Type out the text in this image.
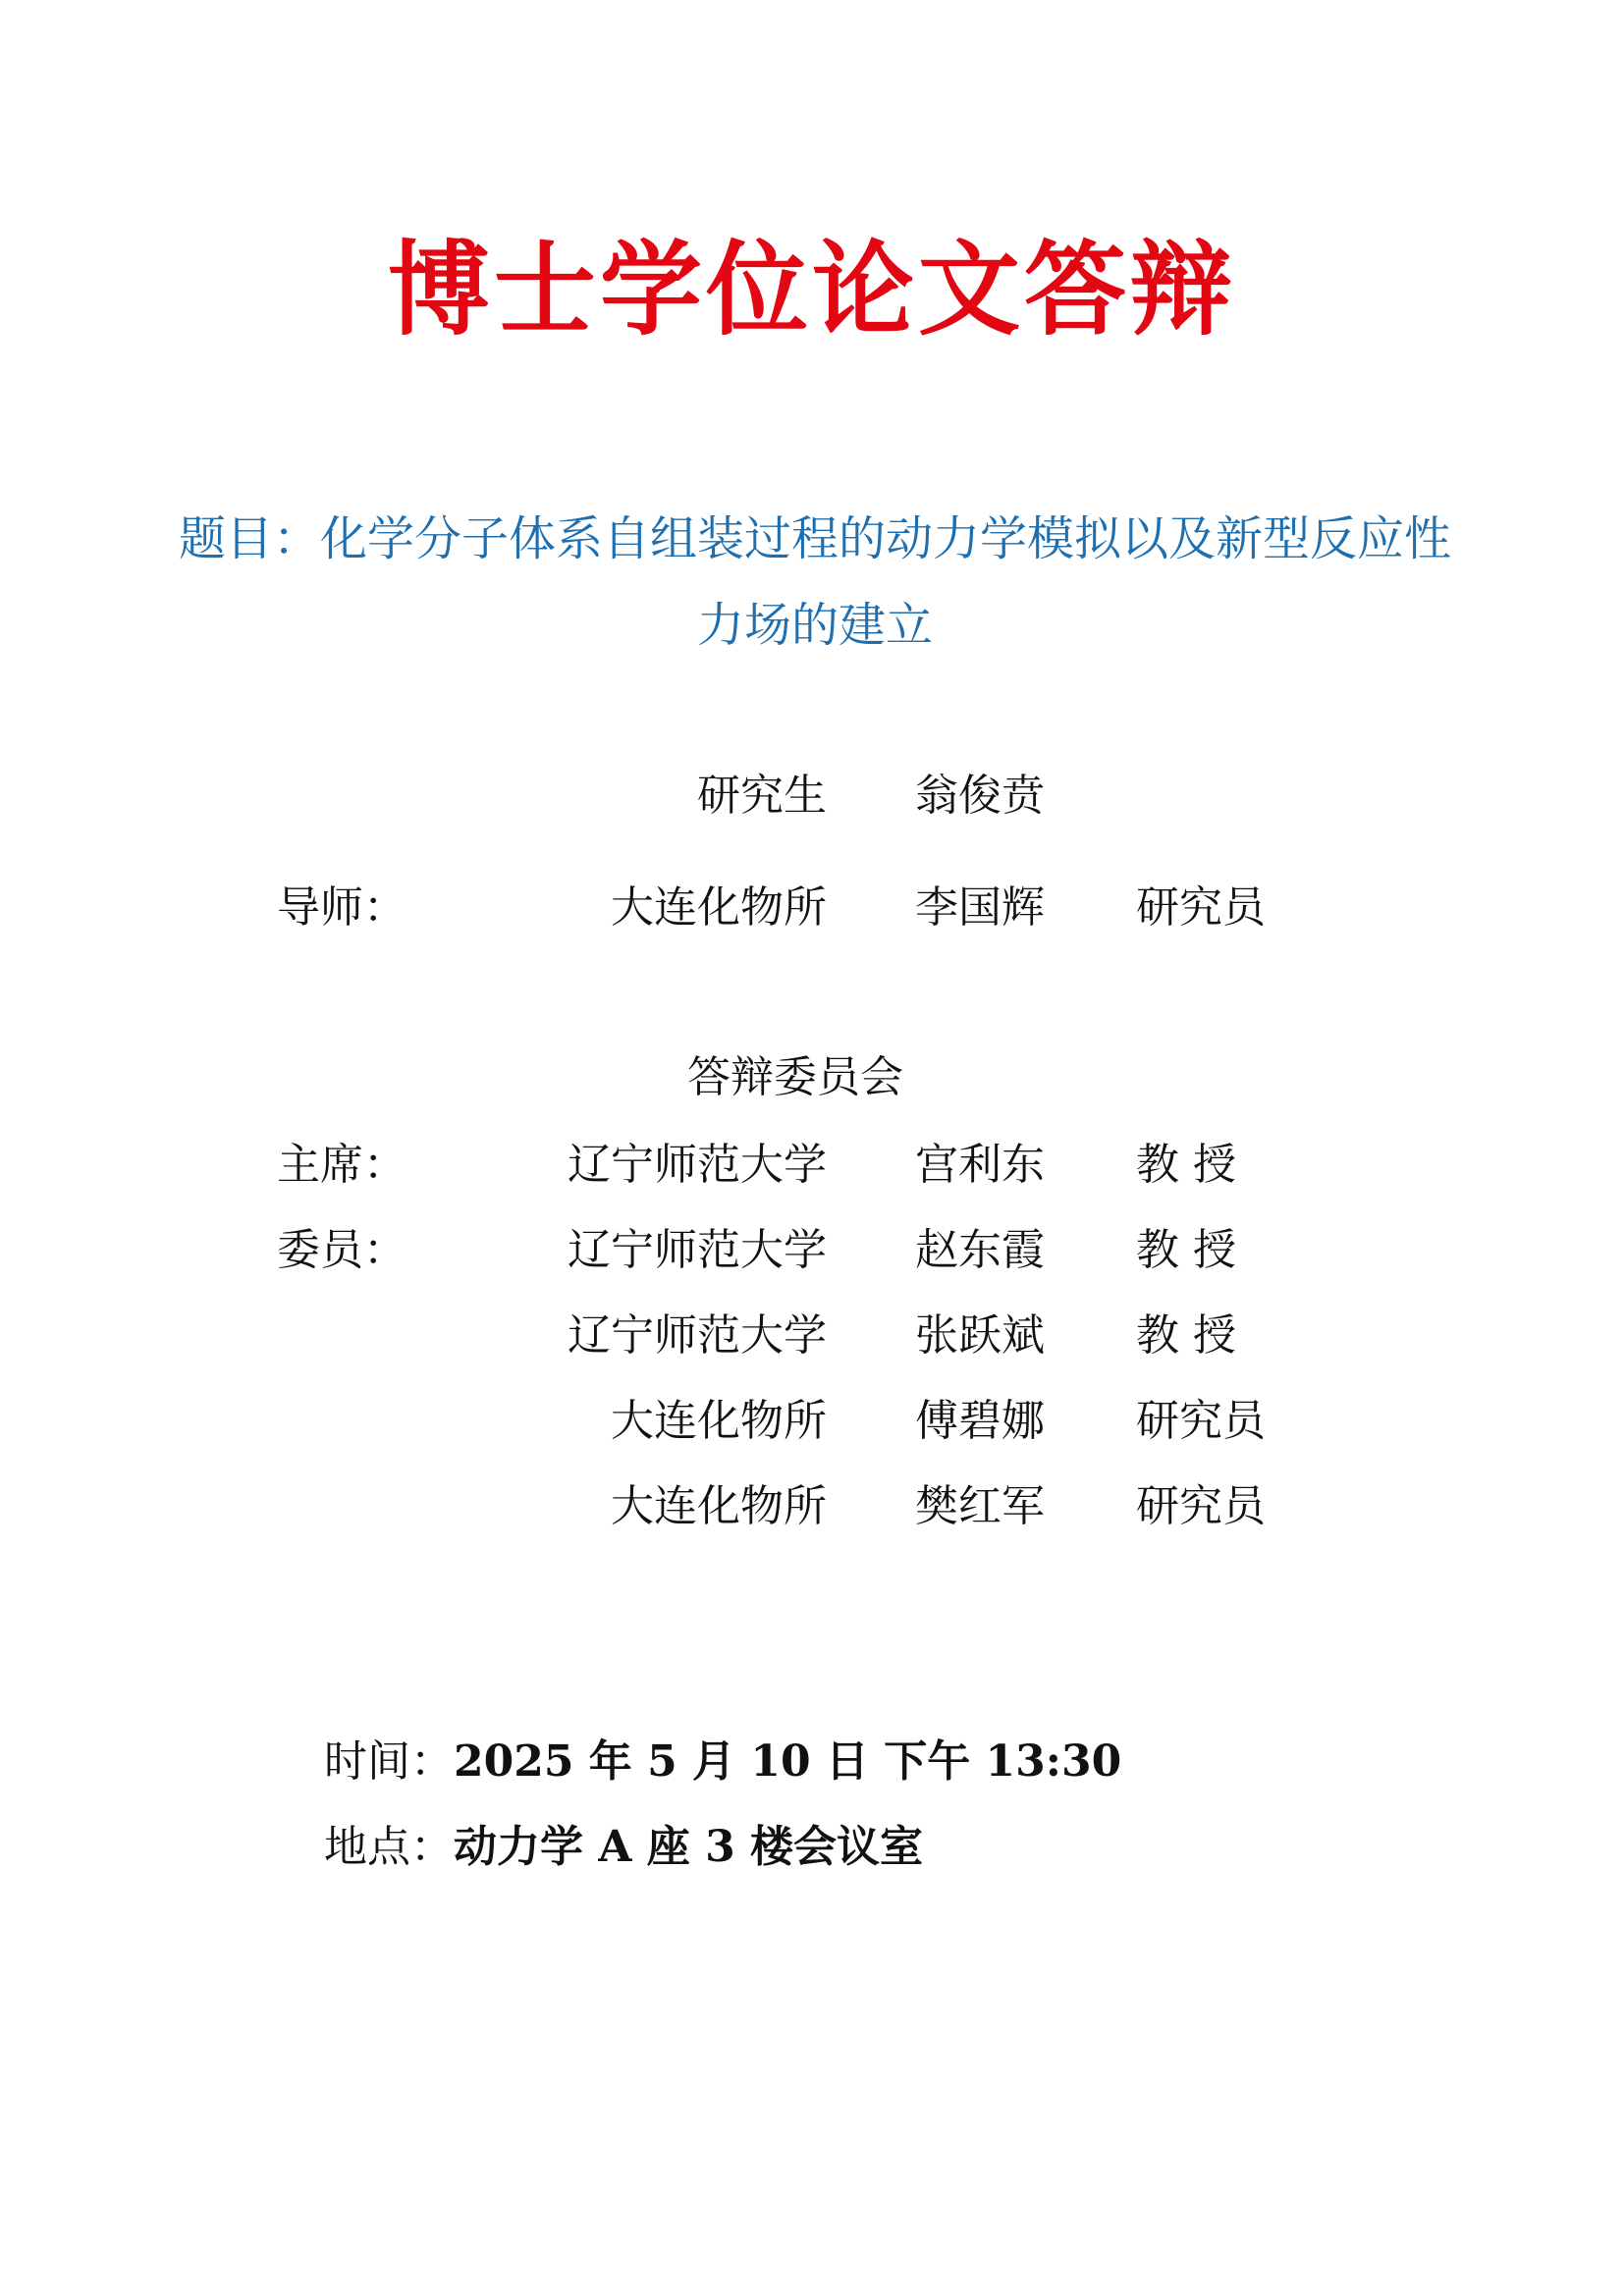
博士学位论文答辩
题目：化学分子体系自组装过程的动力学模拟以及新型反应性
力场的建立
研究生 翁俊贲
导师：	大连化物所 李国辉 研究员
答辩委员会
主席：	辽宁师范大学 宫利东 教 授
委员：	辽宁师范大学 赵东霞 教 授
辽宁师范大学 张跃斌 教 授
大连化物所 傅碧娜 研究员
大连化物所 樊红军 研究员
时间：2025 年 5 月 10 日 下午 13:30
地点：动力学 A 座 3 楼会议室
